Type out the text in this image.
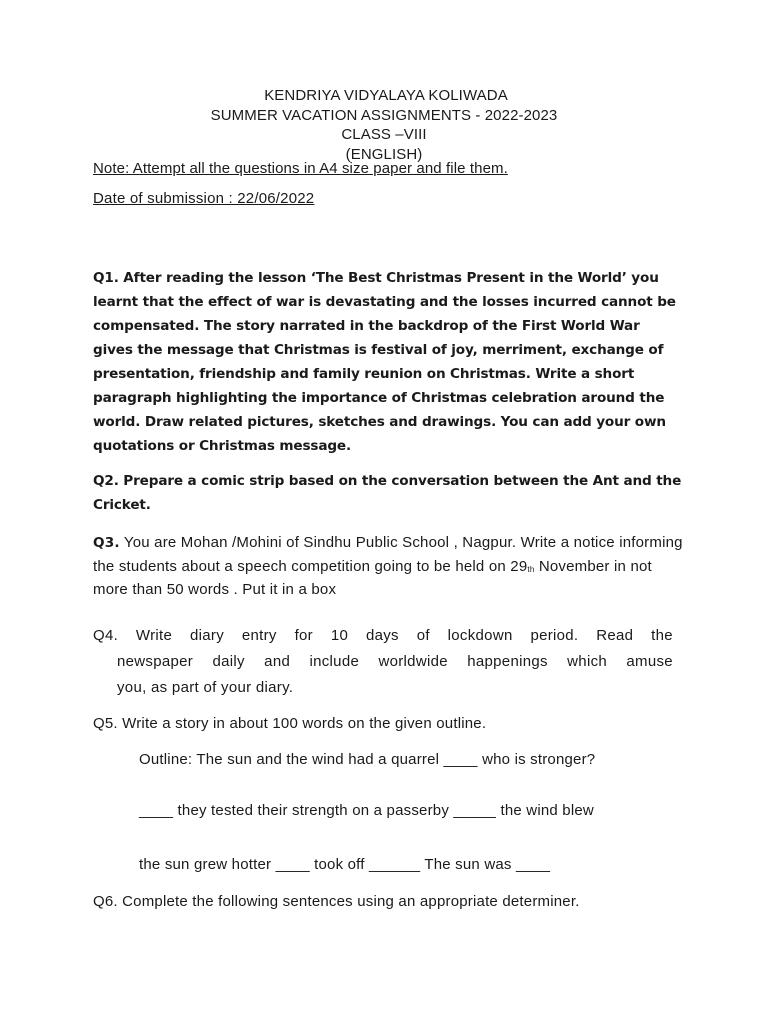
KENDRIYA VIDYALAYA KOLIWADA
SUMMER VACATION ASSIGNMENTS - 2022-2023
CLASS –VIII
(ENGLISH)
Note: Attempt all the questions in A4 size paper and file them.
Date of submission : 22/06/2022
Q1. After reading the lesson ‘The Best Christmas Present in the World’ you learnt that the effect of war is devastating and the losses incurred cannot be compensated. The story narrated in the backdrop of the First World War gives the message that Christmas is festival of joy, merriment, exchange of presentation, friendship and family reunion on Christmas. Write a short paragraph highlighting the importance of Christmas celebration around the world. Draw related pictures, sketches and drawings. You can add your own quotations or Christmas message.
Q2. Prepare a comic strip based on the conversation between the Ant and the Cricket.
Q3. You are Mohan /Mohini of Sindhu Public School , Nagpur. Write a notice informing the students about a speech competition going to be held on $29_{th}$ November in not more than 50 words . Put it in a box
Q4. Write diary entry for 10 days of lockdown period. Read the
newspaper daily and include worldwide happenings which amuse
you, as part of your diary.
Q5. Write a story in about 100 words on the given outline.
Outline: The sun and the wind had a quarrel ____ who is stronger?
____ they tested their strength on a passerby _____ the wind blew
the sun grew hotter ____ took off ______ The sun was ____
Q6. Complete the following sentences using an appropriate determiner.
